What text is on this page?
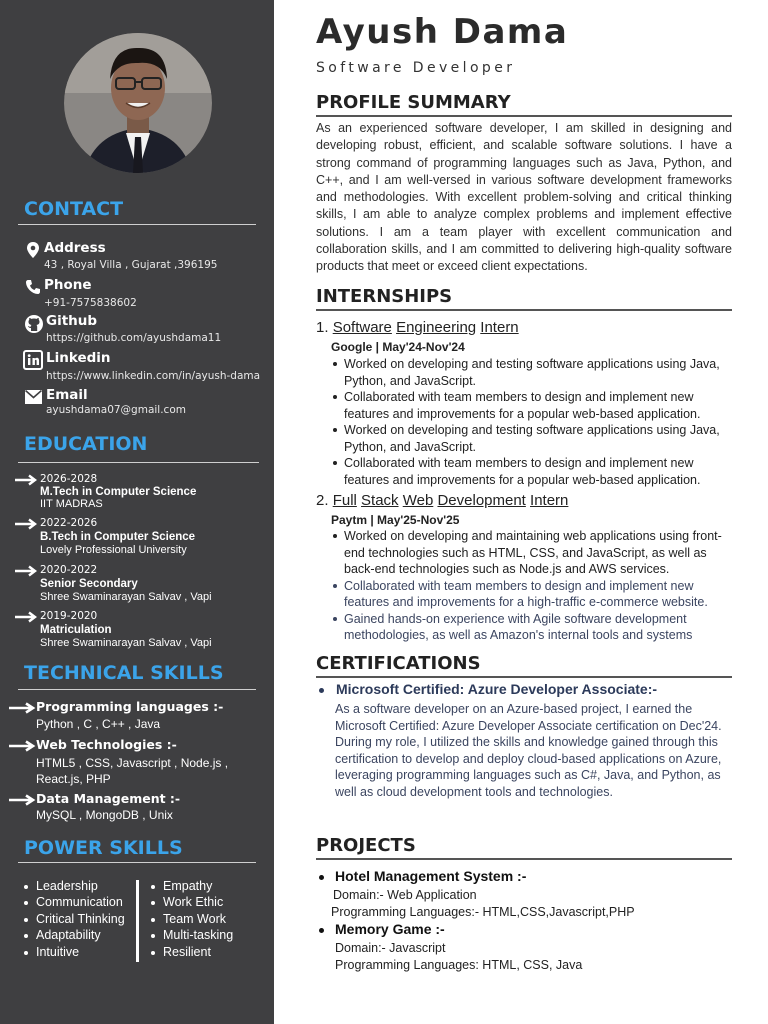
CONTACT
Address
43 , Royal Villa , Gujarat ,396195
Phone
+91-7575838602
Github
https://github.com/ayushdama11
Linkedin
https://www.linkedin.com/in/ayush-dama
Email
ayushdama07@gmail.com
EDUCATION
2026-2028
M.Tech in Computer Science
IIT MADRAS
2022-2026
B.Tech in Computer Science
Lovely Professional University
2020-2022
Senior Secondary
Shree Swaminarayan Salvav , Vapi
2019-2020
Matriculation
Shree Swaminarayan Salvav , Vapi
TECHNICAL SKILLS
Programming languages :-
Python , C , C++ , Java
Web Technologies :-
HTML5 , CSS, Javascript , Node.js ,
React.js, PHP
Data Management :-
MySQL , MongoDB , Unix
POWER SKILLS
Leadership
Communication
Critical Thinking
Adaptability
Intuitive
Empathy
Work Ethic
Team Work
Multi-tasking
Resilient
Ayush Dama
Software Developer
PROFILE SUMMARY
As an experienced software developer, I am skilled in designing and developing robust, efficient, and scalable software solutions. I have a strong command of programming languages such as Java, Python, and C++, and I am well-versed in various software development frameworks and methodologies. With excellent problem-solving and critical thinking skills, I am able to analyze complex problems and implement effective solutions. I am a team player with excellent communication and collaboration skills, and I am committed to delivering high-quality software products that meet or exceed client expectations.
INTERNSHIPS
1. Software Engineering Intern
Google | May'24-Nov'24
Worked on developing and testing software applications using Java, Python, and JavaScript.
Collaborated with team members to design and implement new features and improvements for a popular web-based application.
Worked on developing and testing software applications using Java, Python, and JavaScript.
Collaborated with team members to design and implement new features and improvements for a popular web-based application.
2. Full Stack Web Development Intern
Paytm | May'25-Nov'25
Worked on developing and maintaining web applications using front-end technologies such as HTML, CSS, and JavaScript, as well as back-end technologies such as Node.js and AWS services.
Collaborated with team members to design and implement new features and improvements for a high-traffic e-commerce website.
Gained hands-on experience with Agile software development methodologies, as well as Amazon's internal tools and systems
CERTIFICATIONS
Microsoft Certified: Azure Developer Associate:-
As a software developer on an Azure-based project, I earned the Microsoft Certified: Azure Developer Associate certification on Dec'24. During my role, I utilized the skills and knowledge gained through this certification to develop and deploy cloud-based applications on Azure, leveraging programming languages such as C#, Java, and Python, as well as cloud development tools and technologies.
PROJECTS
Hotel Management System :-
Domain:- Web Application
Programming Languages:- HTML,CSS,Javascript,PHP
Memory Game :-
Domain:- Javascript
Programming Languages: HTML, CSS, Java
